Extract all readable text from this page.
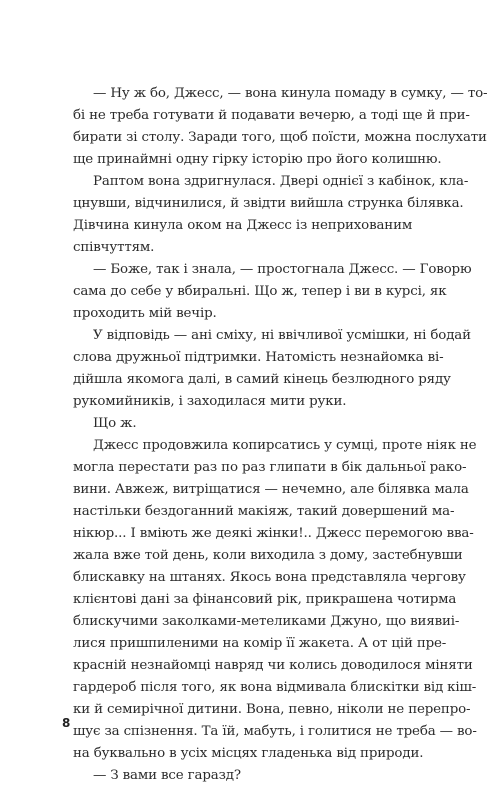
— Ну ж бо, Джесс, — вона кинула помаду в сумку, — то-
бі не треба готувати й подавати вечерю, а тоді ще й при-
бирати зі столу. Заради того, щоб поїсти, можна послухати
ще принаймні одну гірку історію про його колишню.
Раптом вона здригнулася. Двері однієї з кабінок, кла-
цнувши, відчинилися, й звідти вийшла струнка білявка.
Дівчина кинула оком на Джесс із неприхованим
співчуттям.
— Боже, так і знала, — простогнала Джесс. — Говорю
сама до себе у вбиральні. Що ж, тепер і ви в курсі, як
проходить мій вечір.
У відповідь — ані сміху, ні ввічливої усмішки, ні бодай
слова дружньої підтримки. Натомість незнайомка ві-
дійшла якомога далі, в самий кінець безлюдного ряду
рукомийників, і заходилася мити руки.
Що ж.
Джесс продовжила копирсатись у сумці, проте ніяк не
могла перестати раз по раз глипати в бік дальньої рако-
вини. Авжеж, витріщатися — нечемно, але білявка мала
настільки бездоганний макіяж, такий довершений ма-
нікюр... І вміють же деякі жінки!.. Джесс перемогою вва-
жала вже той день, коли виходила з дому, застебнувши
блискавку на штанях. Якось вона представляла чергову
клієнтові дані за фінансовий рік, прикрашена чотирма
блискучими заколками-метеликами Джуно, що виявиі-
лися пришпиленими на комір її жакета. А от цій пре-
красній незнайомці навряд чи колись доводилося міняти
гардероб після того, як вона відмивала блискітки від кіш-
ки й семирічної дитини. Вона, певно, ніколи не перепро-
шує за спізнення. Та їй, мабуть, і голитися не треба — во-
на буквально в усіх місцях гладенька від природи.
— З вами все гаразд?
8
